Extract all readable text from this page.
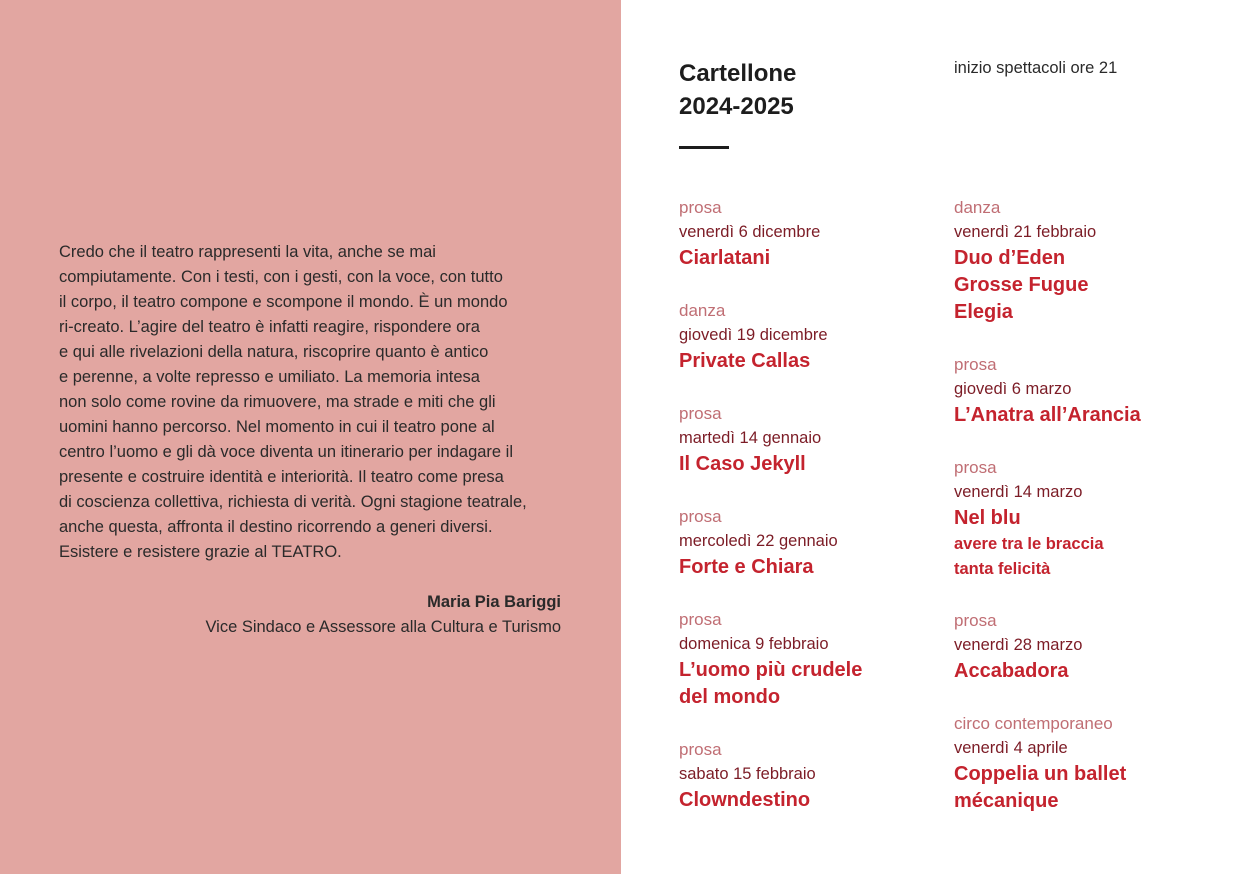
Credo che il teatro rappresenti la vita, anche se mai
compiutamente. Con i testi, con i gesti, con la voce, con tutto
il corpo, il teatro compone e scompone il mondo. È un mondo
ri-creato. L’agire del teatro è infatti reagire, rispondere ora
e qui alle rivelazioni della natura, riscoprire quanto è antico
e perenne, a volte represso e umiliato. La memoria intesa
non solo come rovine da rimuovere, ma strade e miti che gli
uomini hanno percorso. Nel momento in cui il teatro pone al
centro l’uomo e gli dà voce diventa un itinerario per indagare il
presente e costruire identità e interiorità. Il teatro come presa
di coscienza collettiva, richiesta di verità. Ogni stagione teatrale,
anche questa, affronta il destino ricorrendo a generi diversi.
Esistere e resistere grazie al TEATRO.

Maria Pia Bariggi
Vice Sindaco e Assessore alla Cultura e Turismo
Cartellone
2024-2025
inizio spettacoli ore 21
prosa
venerdì 6 dicembre
Ciarlatani
danza
giovedì 19 dicembre
Private Callas
prosa
martedì 14 gennaio
Il Caso Jekyll
prosa
mercoledì 22 gennaio
Forte e Chiara
prosa
domenica 9 febbraio
L’uomo più crudele
del mondo
prosa
sabato 15 febbraio
Clowndestino
danza
venerdì 21 febbraio
Duo d’Eden
Grosse Fugue
Elegia
prosa
giovedì 6 marzo
L’Anatra all’Arancia
prosa
venerdì 14 marzo
Nel blu
avere tra le braccia
tanta felicità
prosa
venerdì 28 marzo
Accabadora
circo contemporaneo
venerdì 4 aprile
Coppelia un ballet
mécanique
